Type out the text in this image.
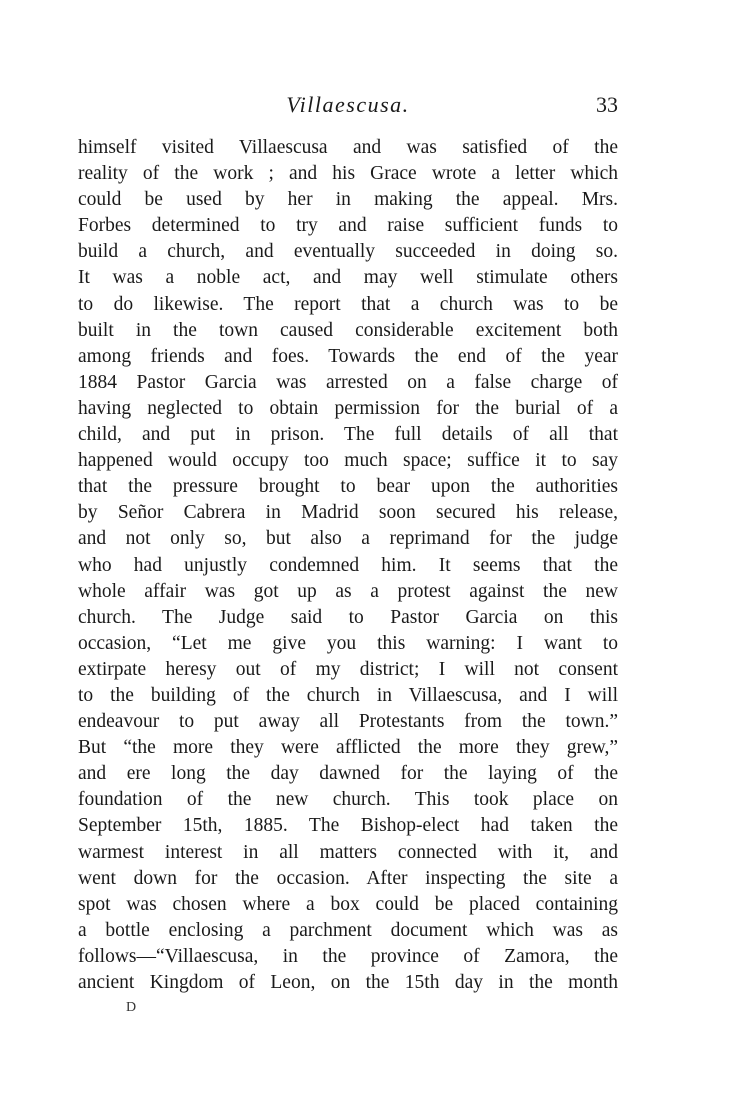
Villaescusa.	33
himself visited Villaescusa and was satisfied of the
reality of the work ; and his Grace wrote a letter which
could be used by her in making the appeal. Mrs.
Forbes determined to try and raise sufficient funds to
build a church, and eventually succeeded in doing so.
It was a noble act, and may well stimulate others
to do likewise. The report that a church was to be
built in the town caused considerable excitement both
among friends and foes. Towards the end of the year
1884 Pastor Garcia was arrested on a false charge of
having neglected to obtain permission for the burial of a
child, and put in prison. The full details of all that
happened would occupy too much space; suffice it to say
that the pressure brought to bear upon the authorities
by Señor Cabrera in Madrid soon secured his release,
and not only so, but also a reprimand for the judge
who had unjustly condemned him. It seems that the
whole affair was got up as a protest against the new
church. The Judge said to Pastor Garcia on this
occasion, “Let me give you this warning: I want to
extirpate heresy out of my district; I will not consent
to the building of the church in Villaescusa, and I will
endeavour to put away all Protestants from the town.”
But “the more they were afflicted the more they grew,”
and ere long the day dawned for the laying of the
foundation of the new church. This took place on
September 15th, 1885. The Bishop-elect had taken the
warmest interest in all matters connected with it, and
went down for the occasion. After inspecting the site a
spot was chosen where a box could be placed containing
a bottle enclosing a parchment document which was as
follows—“Villaescusa, in the province of Zamora, the
ancient Kingdom of Leon, on the 15th day in the month
D
